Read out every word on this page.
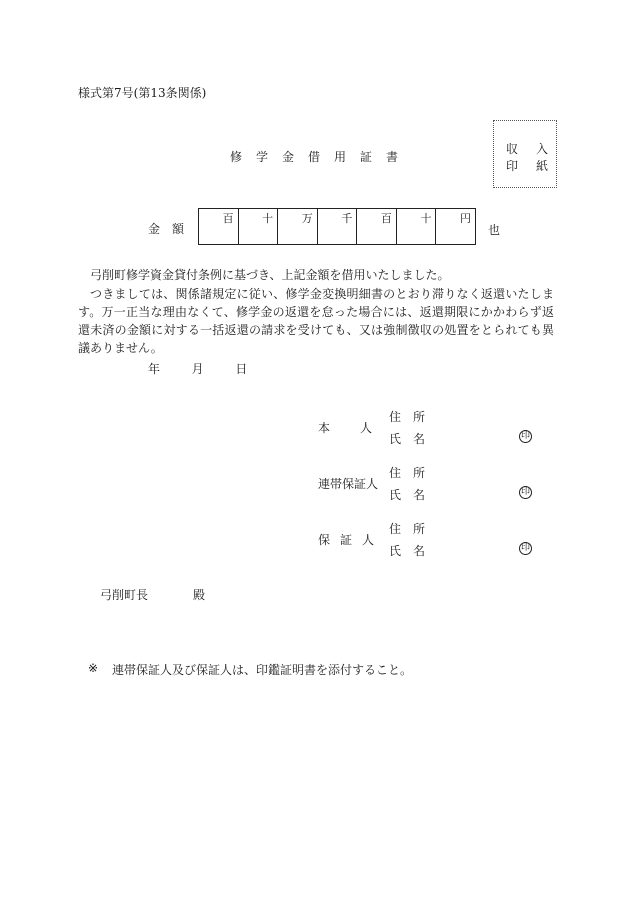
様式第7号(第13条関係)
修学金借用証書
収入
印紙
金額
百	十	万	千	百	十	円
也
弓削町修学資金貸付条例に基づき、上記金額を借用いたしました。
つきましては、関係諸規定に従い、修学金変換明細書のとおり滞りなく返還いたします。万一正当な理由なくて、修学金の返還を怠った場合には、返還期限にかかわらず返還未済の金額に対する一括返還の請求を受けても、又は強制徴収の処置をとられても異議ありません。
年	月	日
本人
住所
氏名	印
連帯保証人
住所
氏名	印
保証人
住所
氏名	印
弓削町長	殿
※ 連帯保証人及び保証人は、印鑑証明書を添付すること。
